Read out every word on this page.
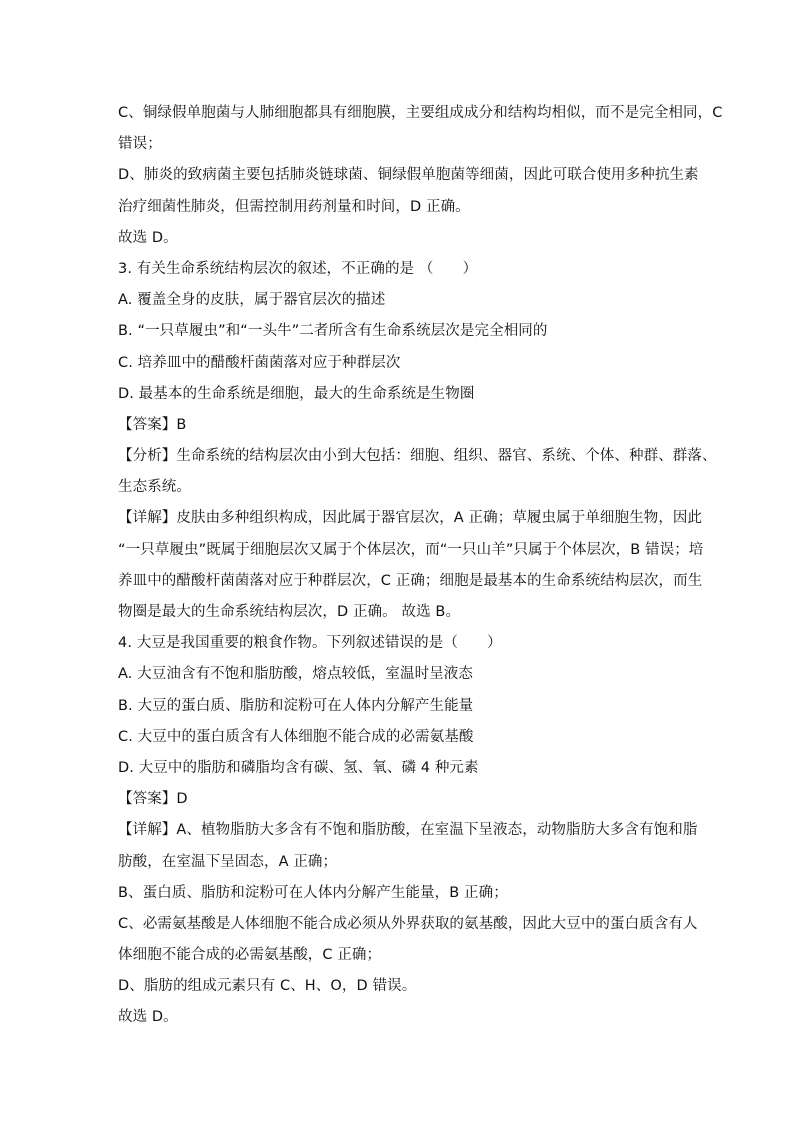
C、铜绿假单胞菌与人肺细胞都具有细胞膜，主要组成成分和结构均相似，而不是完全相同，C
错误；
D、肺炎的致病菌主要包括肺炎链球菌、铜绿假单胞菌等细菌，因此可联合使用多种抗生素
治疗细菌性肺炎，但需控制用药剂量和时间，D 正确。
故选 D。
3. 有关生命系统结构层次的叙述，不正确的是 （　　）
A. 覆盖全身的皮肤，属于器官层次的描述
B. “一只草履虫”和“一头牛”二者所含有生命系统层次是完全相同的
C. 培养皿中的醋酸杆菌菌落对应于种群层次
D. 最基本的生命系统是细胞，最大的生命系统是生物圈
【答案】B
【分析】生命系统的结构层次由小到大包括：细胞、组织、器官、系统、个体、种群、群落、
生态系统。
【详解】皮肤由多种组织构成，因此属于器官层次，A 正确；草履虫属于单细胞生物，因此
“一只草履虫”既属于细胞层次又属于个体层次，而“一只山羊”只属于个体层次，B 错误；培
养皿中的醋酸杆菌菌落对应于种群层次，C 正确；细胞是最基本的生命系统结构层次，而生
物圈是最大的生命系统结构层次，D 正确。 故选 B。
4. 大豆是我国重要的粮食作物。下列叙述错误的是（　　）
A. 大豆油含有不饱和脂肪酸，熔点较低，室温时呈液态
B. 大豆的蛋白质、脂肪和淀粉可在人体内分解产生能量
C. 大豆中的蛋白质含有人体细胞不能合成的必需氨基酸
D. 大豆中的脂肪和磷脂均含有碳、氢、氧、磷 4 种元素
【答案】D
【详解】A、植物脂肪大多含有不饱和脂肪酸，在室温下呈液态，动物脂肪大多含有饱和脂
肪酸，在室温下呈固态，A 正确；
B、蛋白质、脂肪和淀粉可在人体内分解产生能量，B 正确；
C、必需氨基酸是人体细胞不能合成必须从外界获取的氨基酸，因此大豆中的蛋白质含有人
体细胞不能合成的必需氨基酸，C 正确；
D、脂肪的组成元素只有 C、H、O，D 错误。
故选 D。
